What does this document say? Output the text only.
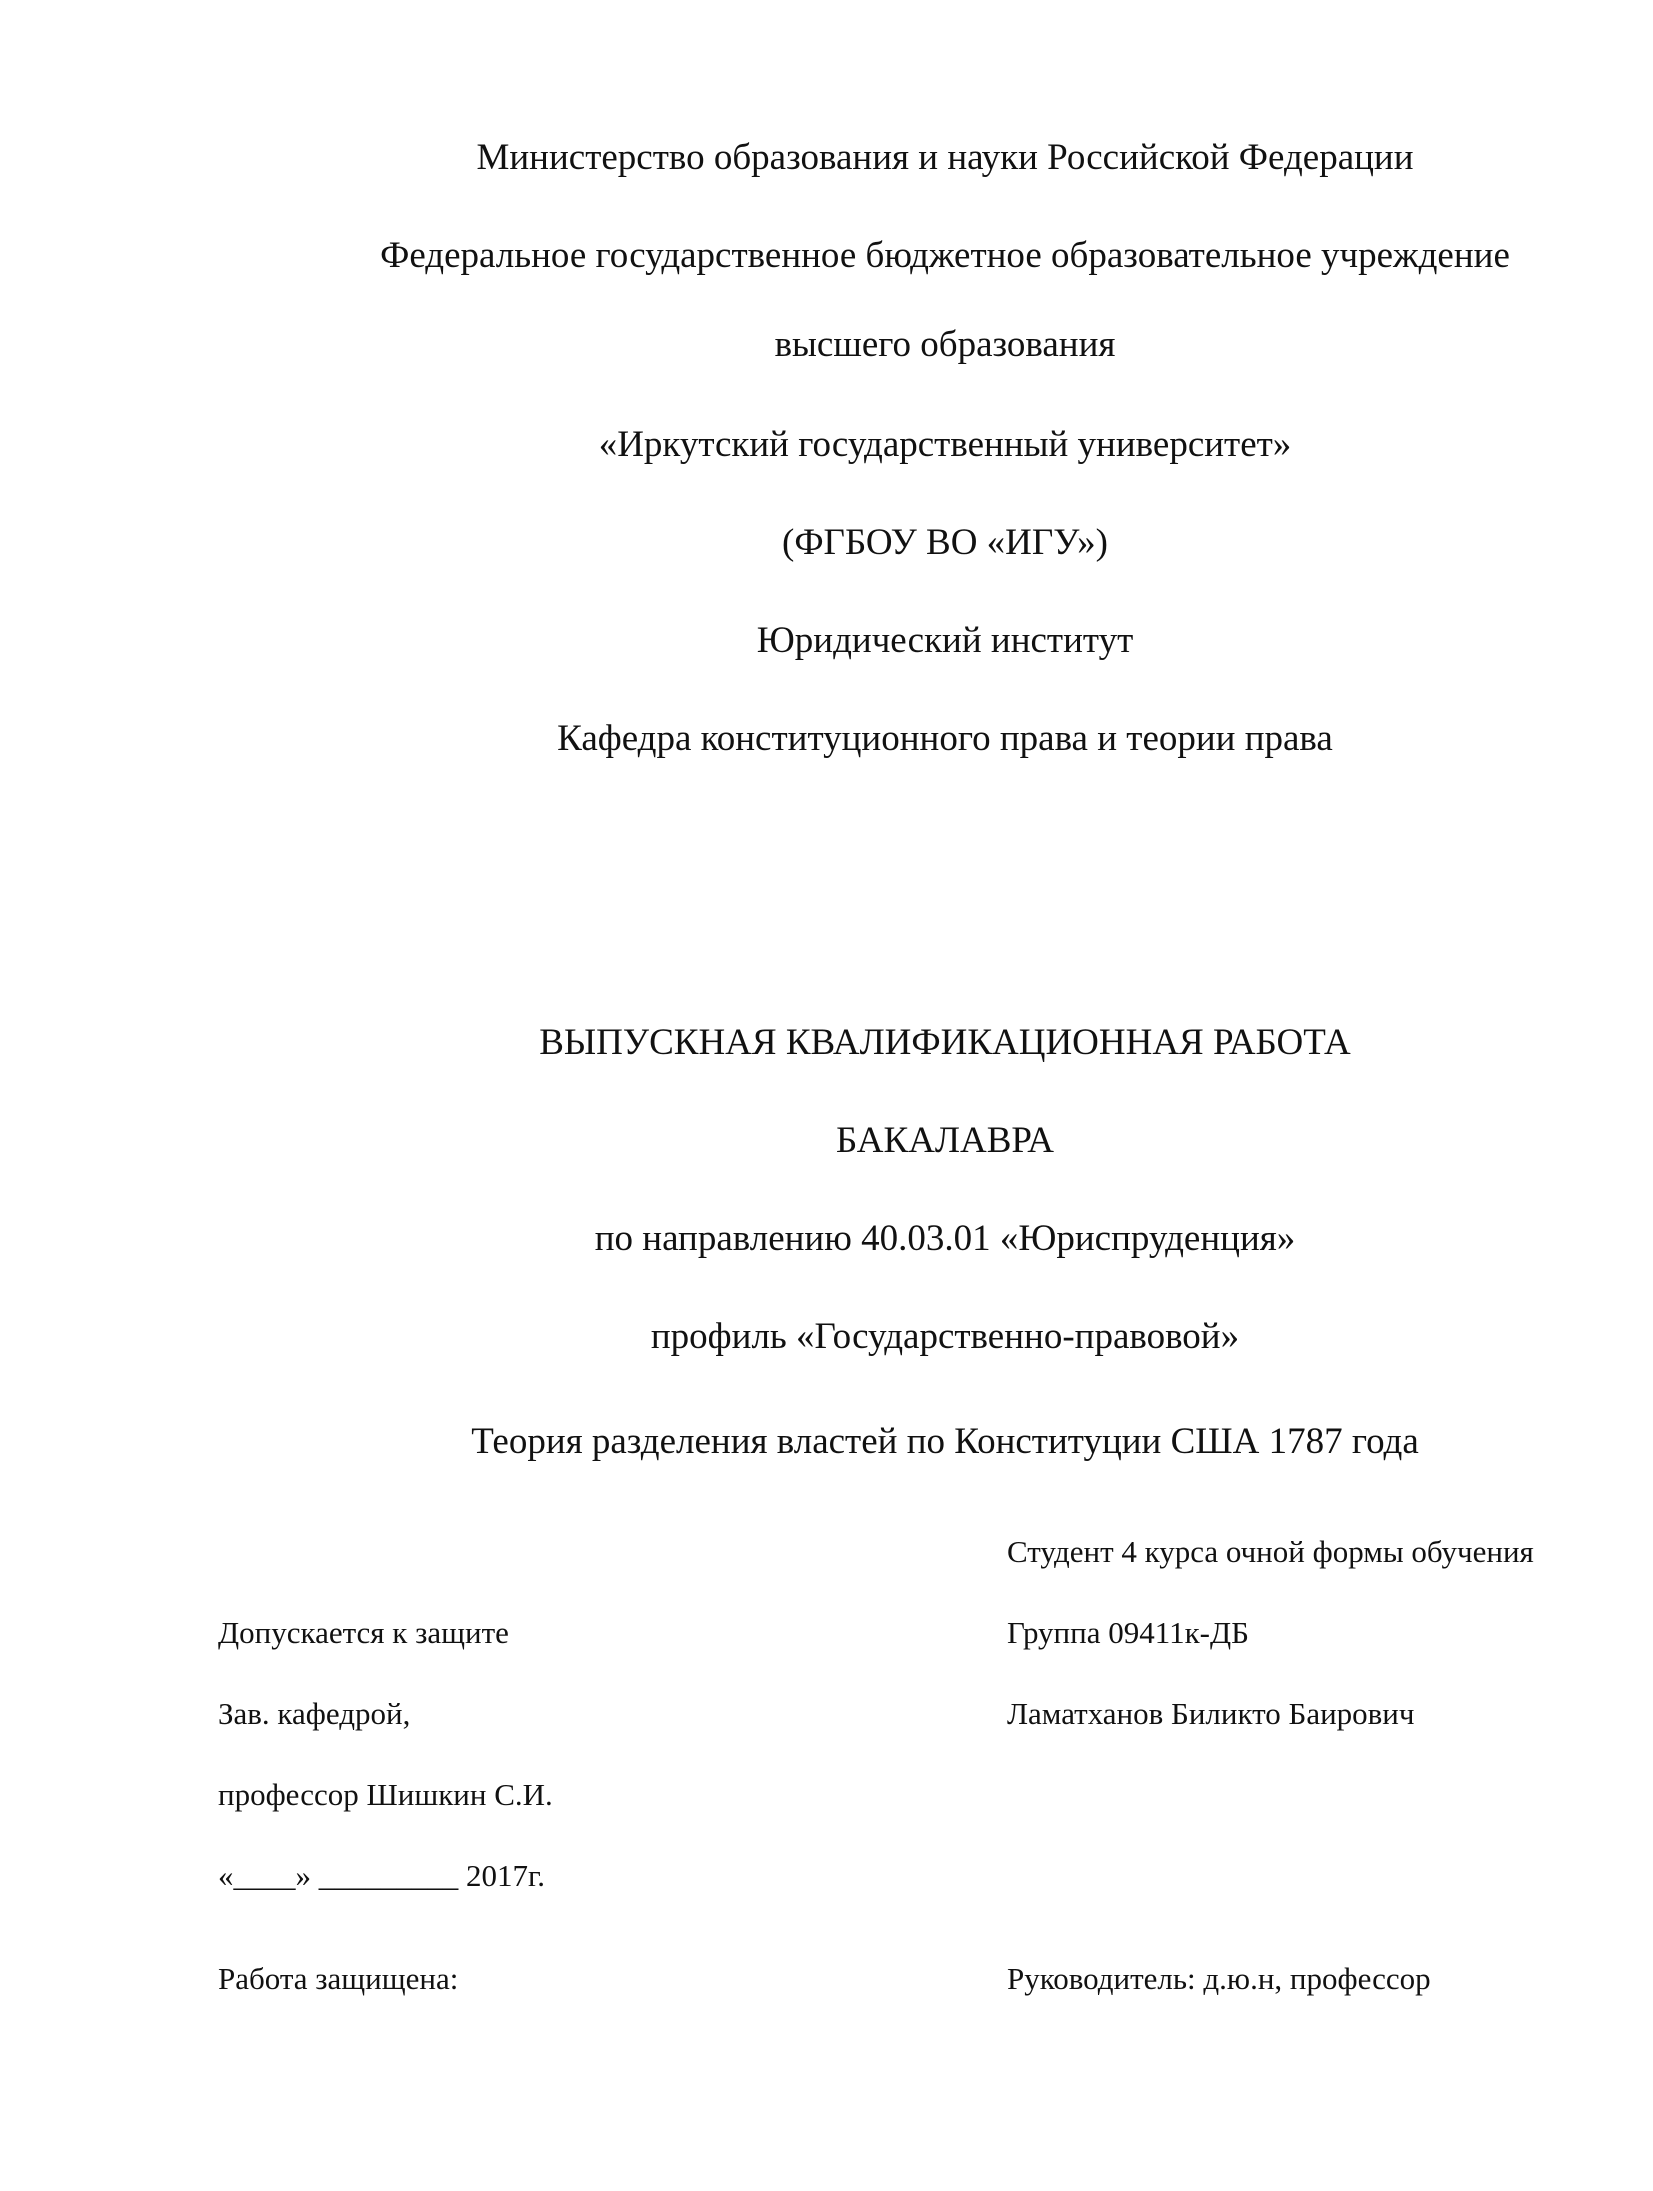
Министерство образования и науки Российской Федерации
Федеральное государственное бюджетное образовательное учреждение
высшего образования
«Иркутский государственный университет»
(ФГБОУ ВО «ИГУ»)
Юридический институт
Кафедра конституционного права и теории права
ВЫПУСКНАЯ КВАЛИФИКАЦИОННАЯ РАБОТА
БАКАЛАВРА
по направлению 40.03.01 «Юриспруденция»
профиль «Государственно-правовой»
Теория разделения властей по Конституции США 1787 года
Студент 4 курса очной формы обучения
Группа 09411к-ДБ
Ламатханов Биликто Баирович
Руководитель: д.ю.н, профессор
Допускается к защите
Зав. кафедрой,
профессор Шишкин С.И.
«____» _________ 2017г.
Работа защищена:
